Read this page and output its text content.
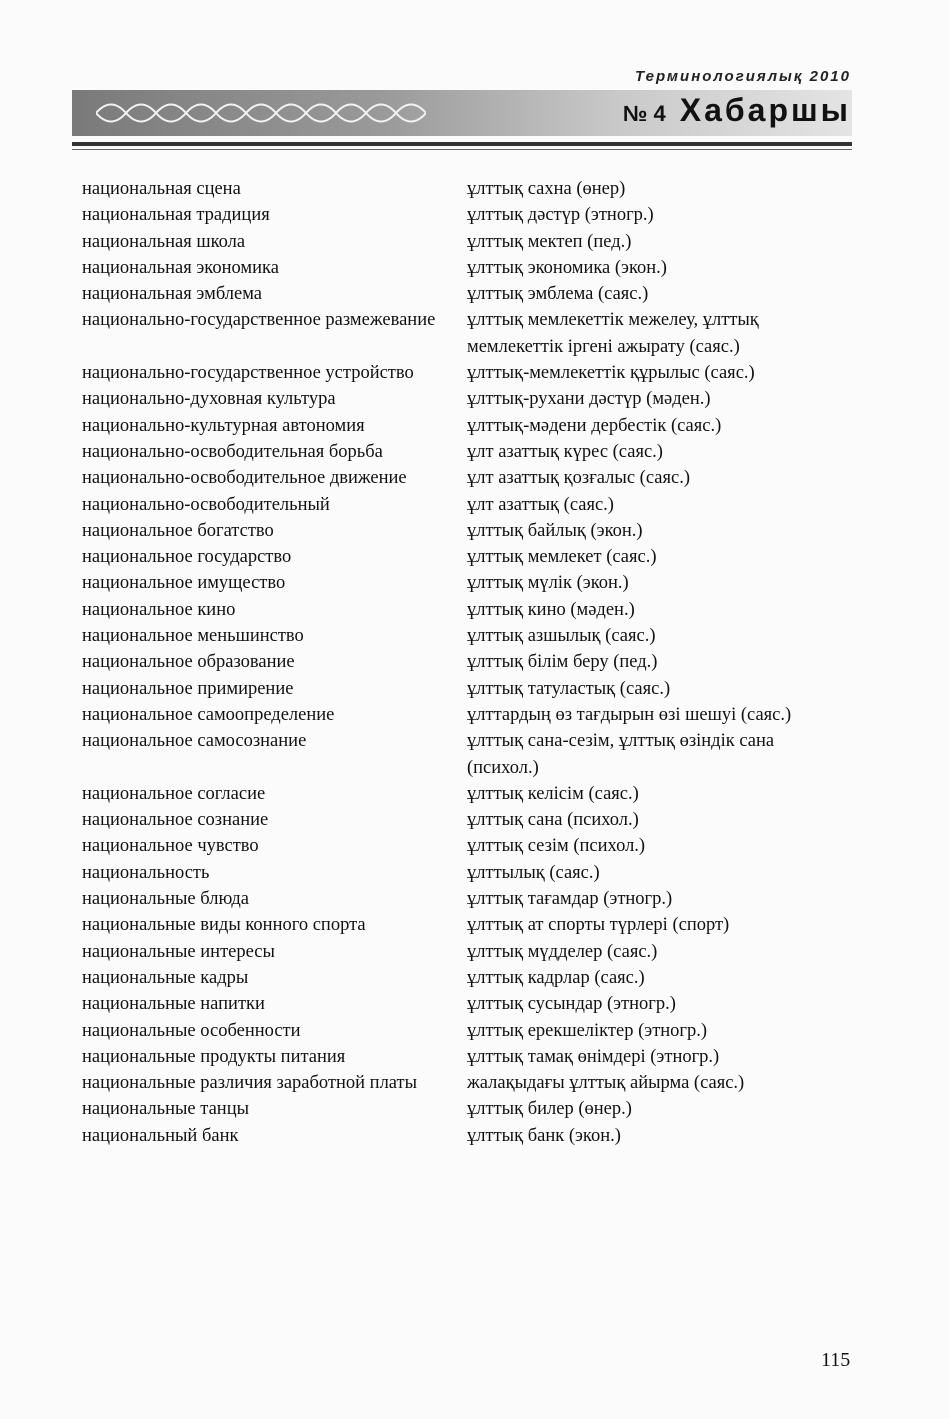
Терминологиялық 2010
№ 4 Хабаршы
национальная сцена	ұлттық сахна (өнер)
национальная традиция	ұлттық дәстүр (этногр.)
национальная школа	ұлттық мектеп (пед.)
национальная экономика	ұлттық экономика (экон.)
национальная эмблема	ұлттық эмблема (саяс.)
национально-государственное размежевание	ұлттық мемлекеттік межелеу, ұлттық мемлекеттік іргені ажырату (саяс.)
национально-государственное устройство	ұлттық-мемлекеттік құрылыс (саяс.)
национально-духовная культура	ұлттық-рухани дәстүр (мәден.)
национально-культурная автономия	ұлттық-мәдени дербестік (саяс.)
национально-освободительная борьба	ұлт азаттық күрес (саяс.)
национально-освободительное движение	ұлт азаттық қозғалыс (саяс.)
национально-освободительный	ұлт азаттық (саяс.)
национальное богатство	ұлттық байлық (экон.)
национальное государство	ұлттық мемлекет (саяс.)
национальное имущество	ұлттық мүлік (экон.)
национальное кино	ұлттық кино (мәден.)
национальное меньшинство	ұлттық азшылық (саяс.)
национальное образование	ұлттық білім беру (пед.)
национальное примирение	ұлттық татуластық (саяс.)
национальное самоопределение	ұлттардың өз тағдырын өзі шешуі (саяс.)
национальное самосознание	ұлттық сана-сезім, ұлттық өзіндік сана (психол.)
национальное согласие	ұлттық келісім (саяс.)
национальное сознание	ұлттық сана (психол.)
национальное чувство	ұлттық сезім (психол.)
национальность	ұлттылық (саяс.)
национальные блюда	ұлттық тағамдар (этногр.)
национальные виды конного спорта	ұлттық ат спорты түрлері (спорт)
национальные интересы	ұлттық мүдделер (саяс.)
национальные кадры	ұлттық кадрлар (саяс.)
национальные напитки	ұлттық сусындар (этногр.)
национальные особенности	ұлттық ерекшеліктер (этногр.)
национальные продукты питания	ұлттық тамақ өнімдері (этногр.)
национальные различия заработной платы	жалақыдағы ұлттық айырма (саяс.)
национальные танцы	ұлттық билер (өнер.)
национальный банк	ұлттық банк (экон.)
115
